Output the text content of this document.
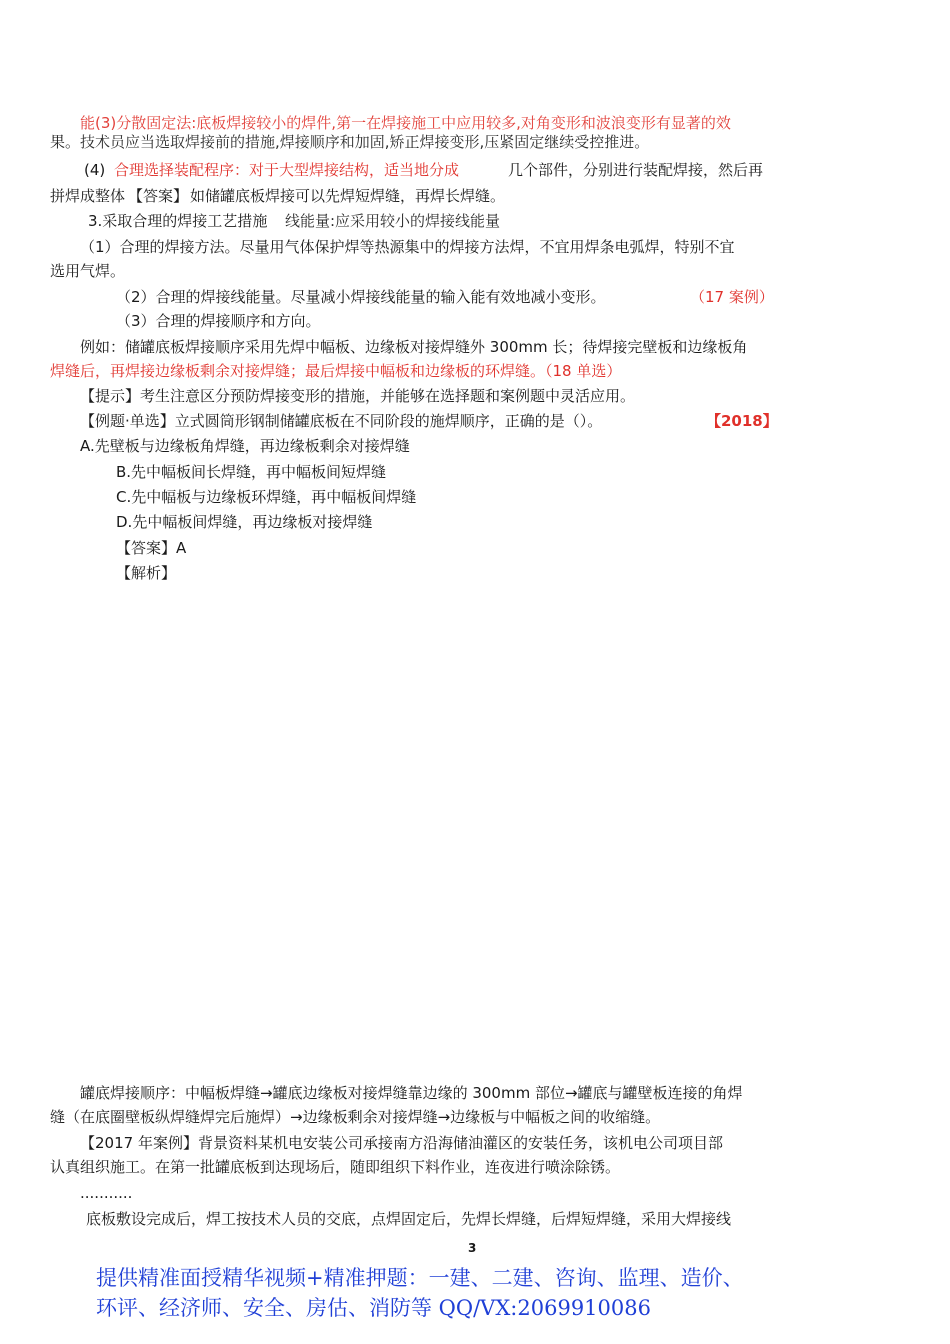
能(3)分散固定法:底板焊接较小的焊件,第一在焊接施工中应用较多,对角变形和波浪变形有显著的效
果。 技术员应当选取焊接前的措施,焊接顺序和加固,矫正焊接变形,压紧固定继续受控推进。
(4) 合理选择装配程序：对于大型焊接结构，适当地分成	几个部件，分别进行装配焊接，然后再
拼焊成整体 【答案】 如储罐底板焊接可以先焊短焊缝，再焊长焊缝。
3.采取合理的焊接工艺措施 线能量:应采用较小的焊接线能量
（1）合理的焊接方法。尽量用气体保护焊等热源集中的焊接方法焊，不宜用焊条电弧焊，特别不宜
选用气焊。
（2）合理的焊接线能量。尽量减小焊接线能量的输入能有效地减小变形。	（17 案例）
（3）合理的焊接顺序和方向。
例如：储罐底板焊接顺序采用先焊中幅板、边缘板对接焊缝外 300mm 长；待焊接完壁板和边缘板角
焊缝后，再焊接边缘板剩余对接焊缝；最后焊接中幅板和边缘板的环焊缝。（18 单选）
【提示】考生注意区分预防焊接变形的措施，并能够在选择题和案例题中灵活应用。
【例题·单选】立式圆筒形钢制储罐底板在不同阶段的施焊顺序，正确的是（）。	【2018】
A.先壁板与边缘板角焊缝，再边缘板剩余对接焊缝
B.先中幅板间长焊缝，再中幅板间短焊缝
C.先中幅板与边缘板环焊缝，再中幅板间焊缝
D.先中幅板间焊缝，再边缘板对接焊缝
【答案】A
【解析】
罐底焊接顺序：中幅板焊缝→罐底边缘板对接焊缝靠边缘的 300mm 部位→罐底与罐壁板连接的角焊
缝（在底圈壁板纵焊缝焊完后施焊）→边缘板剩余对接焊缝→边缘板与中幅板之间的收缩缝。
【2017 年案例】背景资料某机电安装公司承接南方沿海储油灌区的安装任务，该机电公司项目部
认真组织施工。在第一批罐底板到达现场后，随即组织下料作业，连夜进行喷涂除锈。
...........
底板敷设完成后，焊工按技术人员的交底，点焊固定后，先焊长焊缝，后焊短焊缝，采用大焊接线
3
提供精准面授精华视频+精准押题：一建、二建、咨询、监理、造价、
环评、经济师、安全、房估、消防等 QQ/VX:2069910086
